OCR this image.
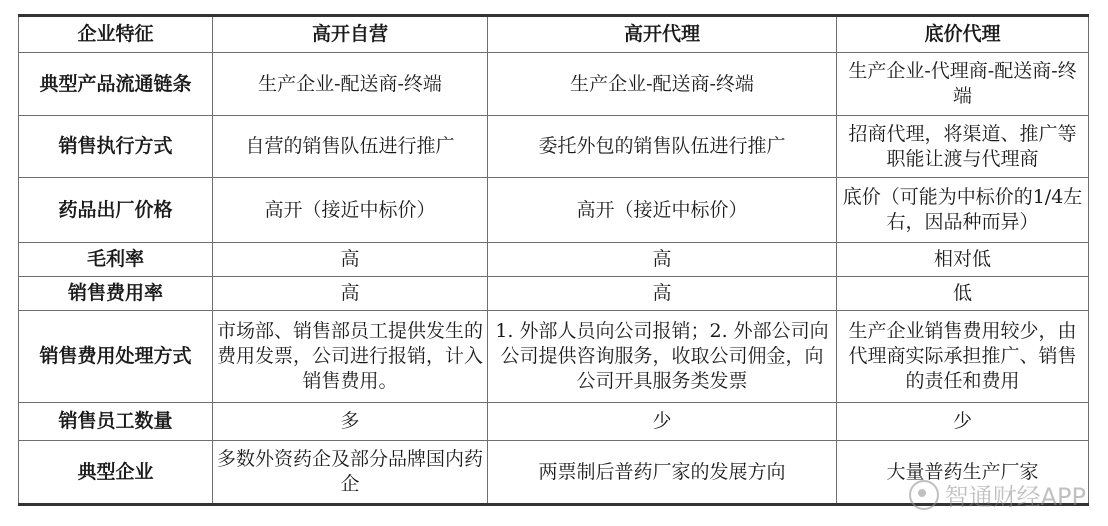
企业特征	高开自营	高开代理	底价代理
典型产品流通链条	生产企业-配送商-终端	生产企业-配送商-终端	生产企业-代理商-配送商-终端
销售执行方式	自营的销售队伍进行推广	委托外包的销售队伍进行推广	招商代理，将渠道、推广等职能让渡与代理商
药品出厂价格	高开（接近中标价）	高开（接近中标价）	底价（可能为中标价的1/4左右，因品种而异）
毛利率	高	高	相对低
销售费用率	高	高	低
销售费用处理方式	市场部、销售部员工提供发生的费用发票，公司进行报销，计入销售费用。	1. 外部人员向公司报销；2. 外部公司向公司提供咨询服务，收取公司佣金，向公司开具服务类发票	生产企业销售费用较少，由代理商实际承担推广、销售的责任和费用
销售员工数量	多	少	少
典型企业	多数外资药企及部分品牌国内药企	两票制后普药厂家的发展方向	大量普药生产厂家
智通财经APP
